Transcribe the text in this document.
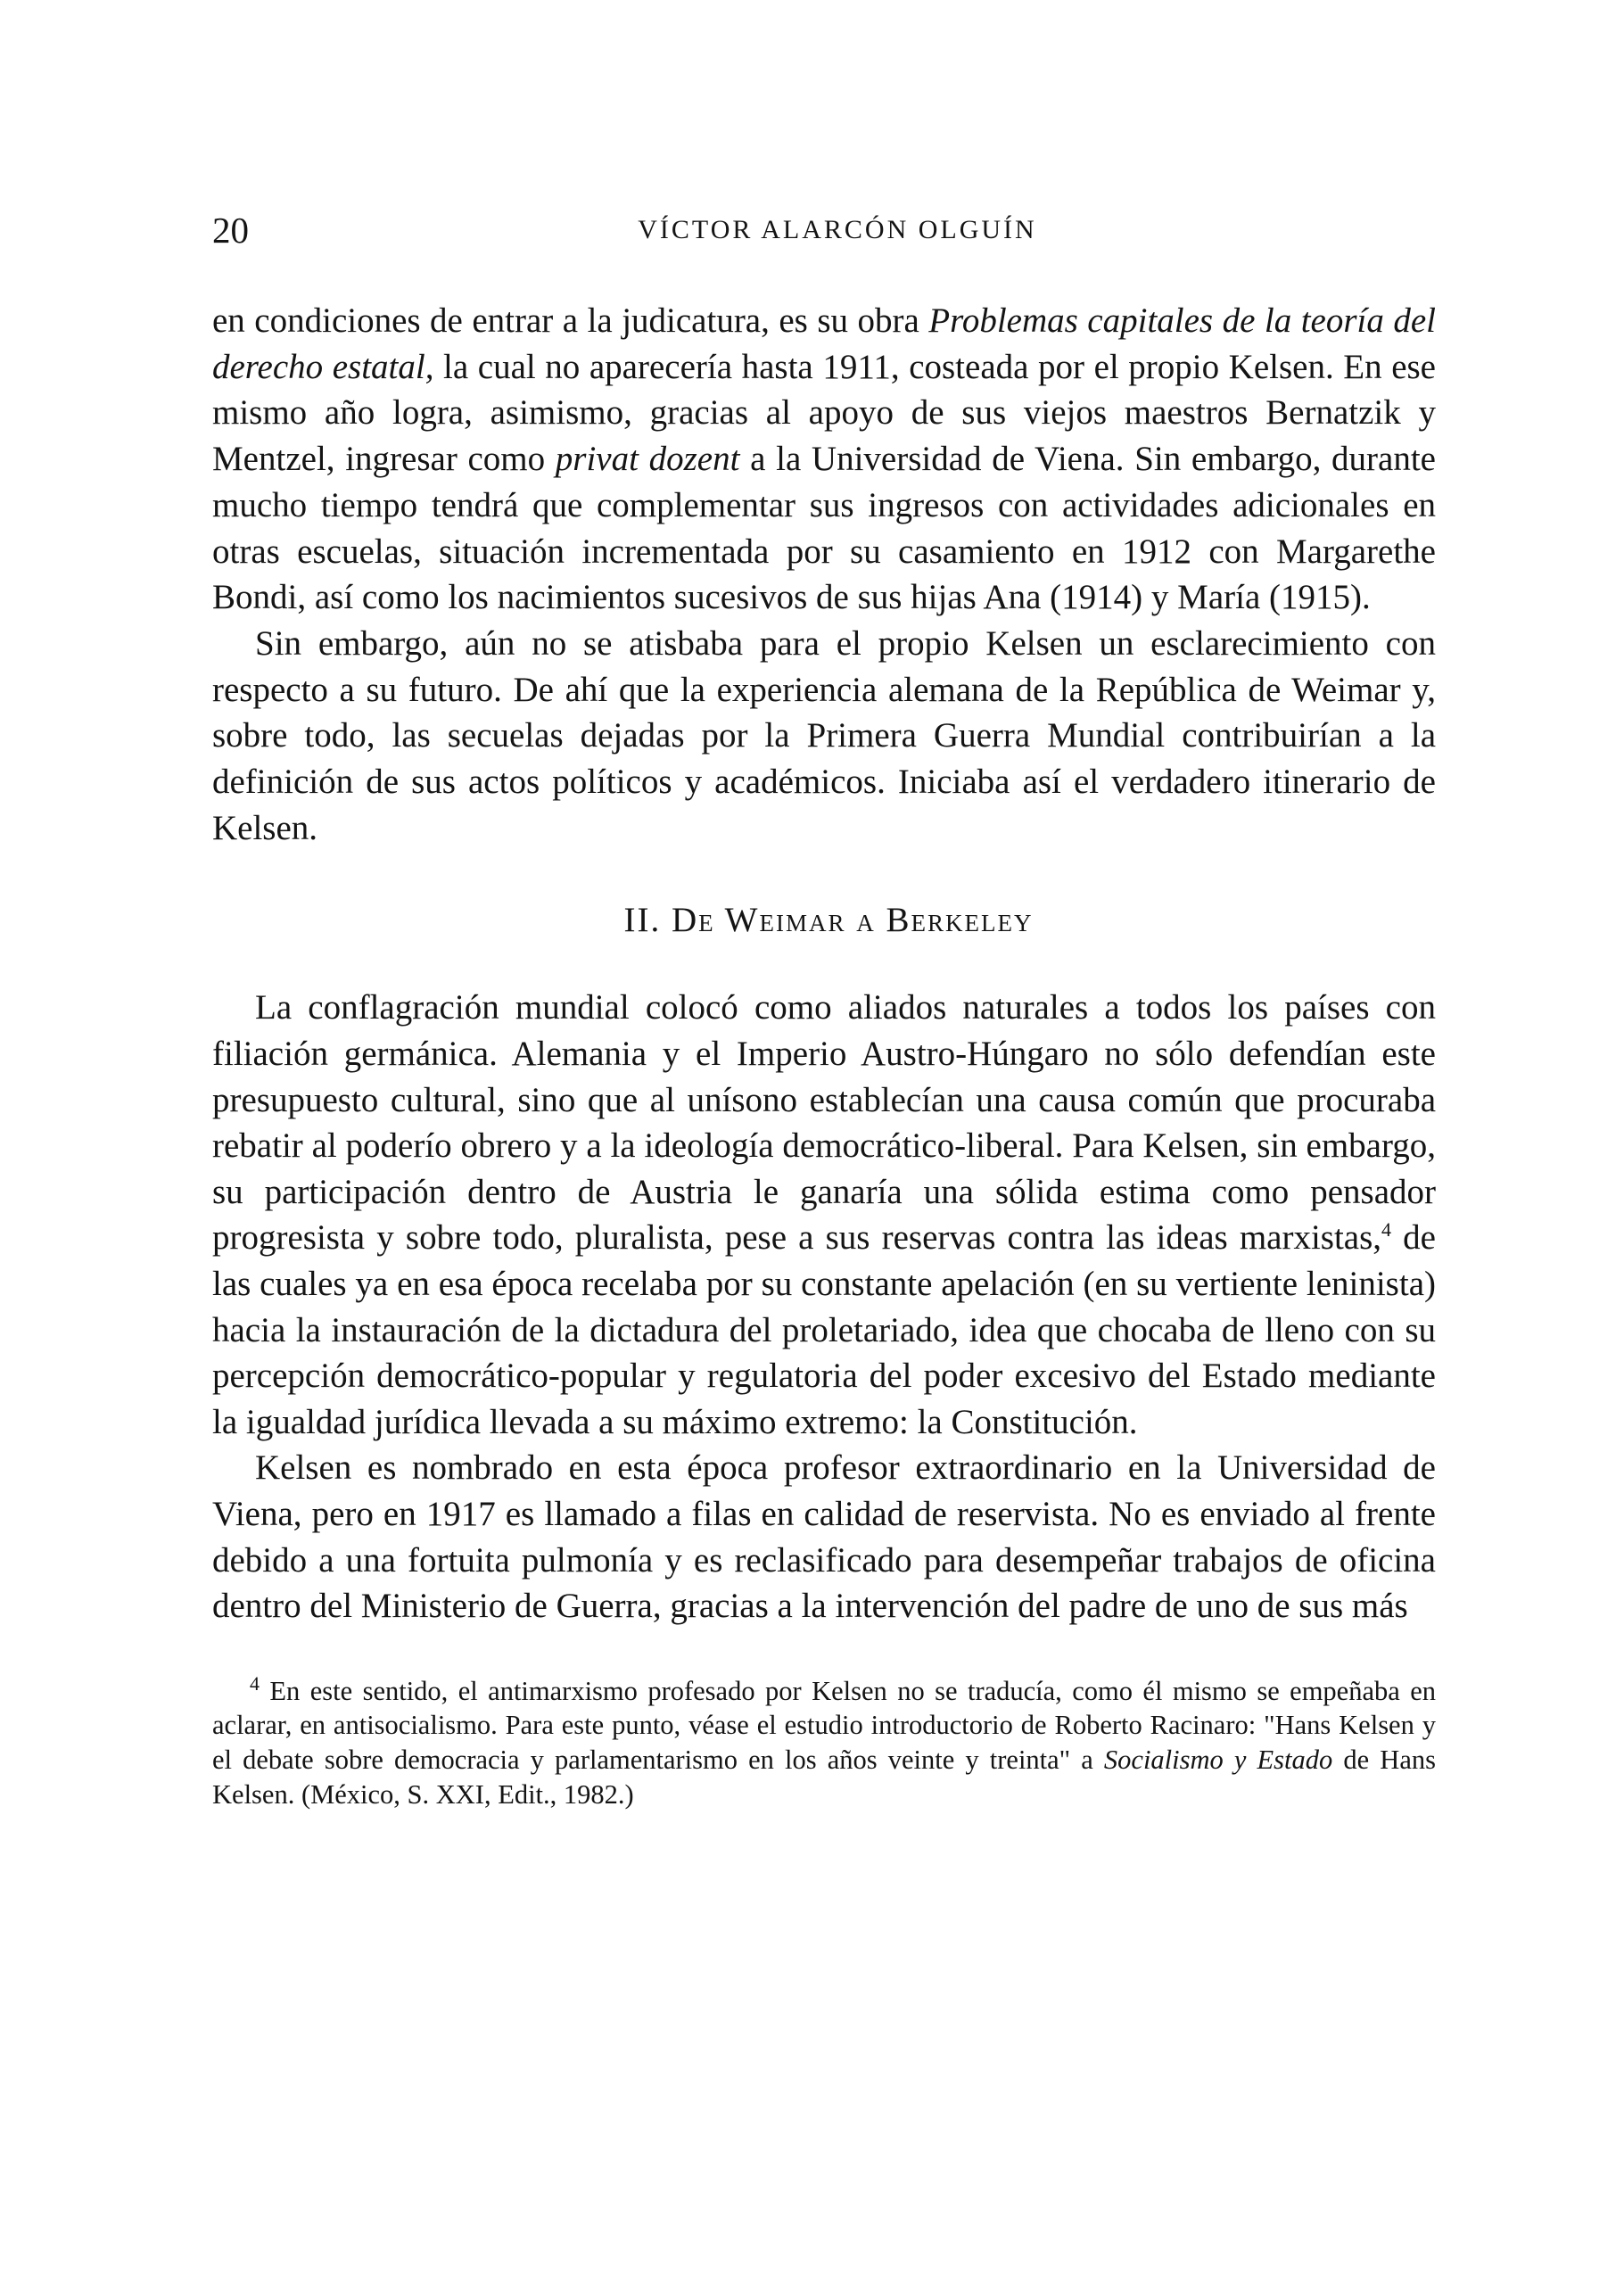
20	VÍCTOR ALARCÓN OLGUÍN

en condiciones de entrar a la judicatura, es su obra Problemas capitales de la teoría del derecho estatal, la cual no aparecería hasta 1911, costeada por el propio Kelsen. En ese mismo año logra, asimismo, gracias al apoyo de sus viejos maestros Bernatzik y Mentzel, ingresar como privat dozent a la Universidad de Viena. Sin embargo, durante mucho tiempo tendrá que complementar sus ingresos con actividades adicionales en otras escuelas, situación incrementada por su casamiento en 1912 con Margarethe Bondi, así como los nacimientos sucesivos de sus hijas Ana (1914) y María (1915).

Sin embargo, aún no se atisbaba para el propio Kelsen un esclarecimiento con respecto a su futuro. De ahí que la experiencia alemana de la República de Weimar y, sobre todo, las secuelas dejadas por la Primera Guerra Mundial contribuirían a la definición de sus actos políticos y académicos. Iniciaba así el verdadero itinerario de Kelsen.

II. De Weimar a Berkeley

La conflagración mundial colocó como aliados naturales a todos los países con filiación germánica. Alemania y el Imperio Austro-Húngaro no sólo defendían este presupuesto cultural, sino que al unísono establecían una causa común que procuraba rebatir al poderío obrero y a la ideología democrático-liberal. Para Kelsen, sin embargo, su participación dentro de Austria le ganaría una sólida estima como pensador progresista y sobre todo, pluralista, pese a sus reservas contra las ideas marxistas,$^4$ de las cuales ya en esa época recelaba por su constante apelación (en su vertiente leninista) hacia la instauración de la dictadura del proletariado, idea que chocaba de lleno con su percepción democrático-popular y regulatoria del poder excesivo del Estado mediante la igualdad jurídica llevada a su máximo extremo: la Constitución.

Kelsen es nombrado en esta época profesor extraordinario en la Universidad de Viena, pero en 1917 es llamado a filas en calidad de reservista. No es enviado al frente debido a una fortuita pulmonía y es reclasificado para desempeñar trabajos de oficina dentro del Ministerio de Guerra, gracias a la intervención del padre de uno de sus más

$^4$ En este sentido, el antimarxismo profesado por Kelsen no se traducía, como él mismo se empeñaba en aclarar, en antisocialismo. Para este punto, véase el estudio introductorio de Roberto Racinaro: "Hans Kelsen y el debate sobre democracia y parlamentarismo en los años veinte y treinta" a Socialismo y Estado de Hans Kelsen. (México, S. XXI, Edit., 1982.)
